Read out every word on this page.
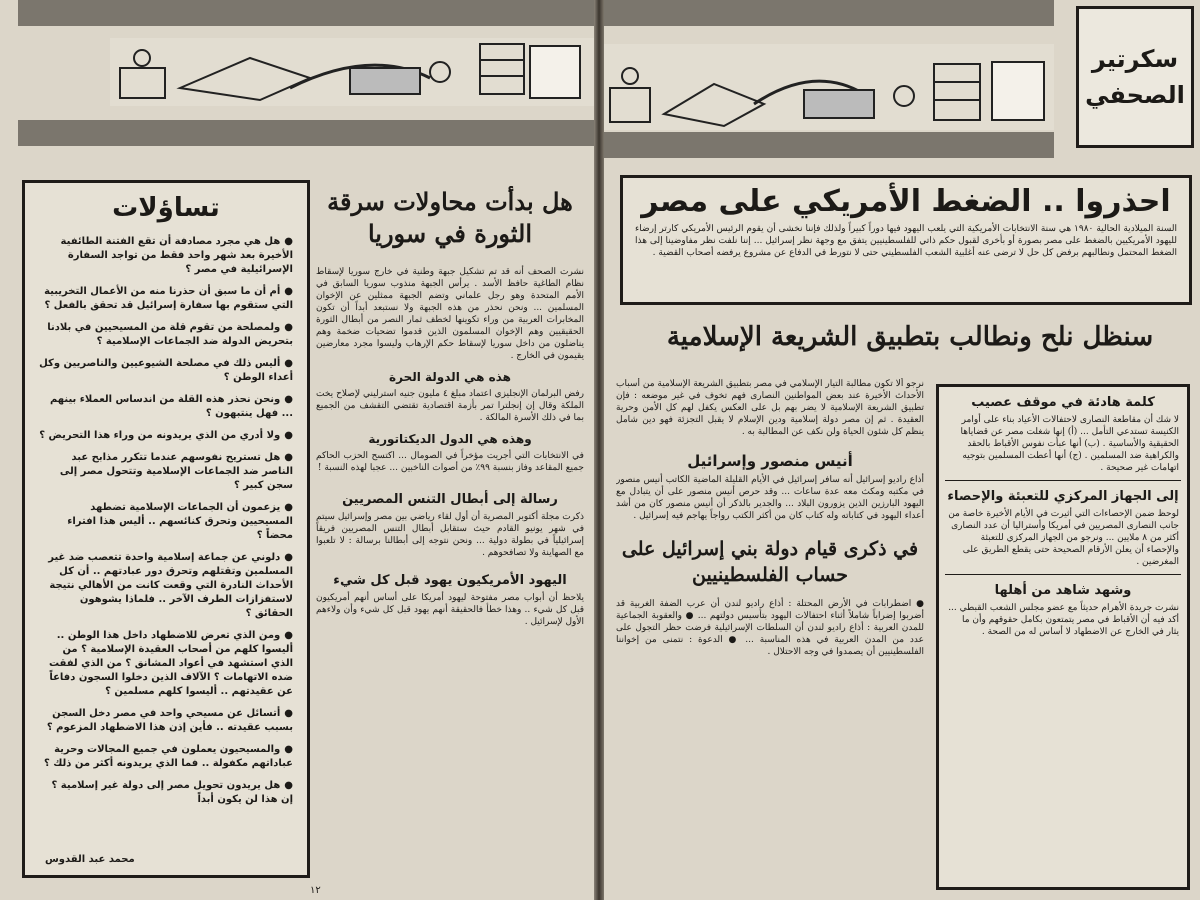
تساؤلات
●هل هي مجرد مصادفة أن تقع الفتنة الطائفية الأخيرة بعد شهر واحد فقط من تواجد السفارة الإسرائيلية في مصر ؟
●أم أن ما سبق أن حذرنا منه من الأعمال التخريبية التي ستقوم بها سفارة إسرائيل قد تحقق بالفعل ؟
●ولمصلحة من تقوم قلة من المسيحيين في بلادنا بتحريض الدولة ضد الجماعات الإسلامية ؟
●أليس ذلك في مصلحة الشيوعيين والناصريين وكل أعداء الوطن ؟
●ونحن نحذر هذه القلة من اندساس العملاء بينهم ... فهل ينتبهون ؟
●ولا أدري من الذي يريدونه من وراء هذا التحريض ؟
●هل تستريح نفوسهم عندما تتكرر مذابح عبد الناصر ضد الجماعات الإسلامية وتتحول مصر إلى سجن كبير ؟
●يزعمون أن الجماعات الإسلامية تضطهد المسيحيين وتحرق كنائسهم .. أليس هذا افتراء محضاً ؟
●دلوني عن جماعة إسلامية واحدة تتعصب ضد غير المسلمين وتقتلهم وتحرق دور عبادتهم .. أن كل الأحداث النادرة التي وقعت كانت من الأهالي نتيجة لاستفزازات الطرف الآخر .. فلماذا يشوهون الحقائق ؟
●ومن الذي تعرض للاضطهاد داخل هذا الوطن .. أليسوا كلهم من أصحاب العقيدة الإسلامية ؟ من الذي استشهد في أعواد المشانق ؟ من الذي لفقت ضده الاتهامات ؟ الآلاف الذين دخلوا السجون دفاعاً عن عقيدتهم .. أليسوا كلهم مسلمين ؟
●أتسائل عن مسيحي واحد في مصر دخل السجن بسبب عقيدته .. فأين إذن هذا الاضطهاد المزعوم ؟
●والمسيحيون يعملون في جميع المجالات وحرية عباداتهم مكفولة .. فما الذي يريدونه أكثر من ذلك ؟
●هل يريدون تحويل مصر إلى دولة غير إسلامية ؟ إن هذا لن يكون أبداً
محمد عبد القدوس
هل بدأت محاولات سرقة الثورة في سوريا

نشرت الصحف أنه قد تم تشكيل جبهة وطنية في خارج سوريا لإسقاط نظام الطاغية حافظ الأسد . يرأس الجبهة منذوب سوريا السابق في الأمم المتحدة وهو رجل علماني وتضم الجبهة ممثلين عن الإخوان المسلمين ... ونحن نحذر من هذه الجبهة ولا نستبعد أبداً أن تكون المخابرات العربية من وراء تكوينها لخطف ثمار النصر من أبطال الثورة الحقيقيين وهم الإخوان المسلمون الذين قدموا تضحيات ضخمة وهم يناضلون من داخل سوريا لإسقاط حكم الإرهاب وليسوا مجرد معارضين يقيمون في الخارج .

هذه هي الدولة الحرة

رفض البرلمان الإنجليزي اعتماد مبلغ ٤ مليون جنيه استرليني لإصلاح يخت الملكة وقال إن إنجلترا تمر بأزمة اقتصادية تقتضي التقشف من الجميع بما في ذلك الأسرة المالكة .

وهذه هي الدول الديكتاتورية

في الانتخابات التي أجريت مؤخراً في الصومال ... اكتسح الحزب الحاكم جميع المقاعد وفاز بنسبة ٩٩٪ من أصوات الناخبين ... عجبا لهذه النسبة !

رسالة إلى أبطال التنس المصريين

ذكرت مجلة أكتوبر المصرية أن أول لقاء رياضي بين مصر وإسرائيل سيتم في شهر يونيو القادم حيث ستقابل أبطال التنس المصريين فريقاً إسرائيلياً في بطولة دولية ... ونحن نتوجه إلى أبطالنا برسالة : لا تلعبوا مع الصهاينة ولا تصافحوهم .

اليهود الأمريكيون يهود قبل كل شيء

يلاحظ أن أبواب مصر مفتوحة ليهود أمريكا على أساس أنهم أمريكيون قبل كل شيء .. وهذا خطأ فالحقيقة أنهم يهود قبل كل شيء وأن ولاءهم الأول لإسرائيل .

١٢
سكرتير
الصحفي
احذروا .. الضغط الأمريكي على مصر

السنة الميلادية الحالية ١٩٨٠ هي سنة الانتخابات الأمريكية التي يلعب اليهود فيها دوراً كبيراً ولذلك فإننا نخشى أن يقوم الرئيس الأمريكي كارتر إرضاء لليهود الأمريكيين بالضغط على مصر بصورة أو بأخرى لقبول حكم ذاتي للفلسطينيين يتفق مع وجهة نظر إسرائيل ... إننا نلفت نظر مفاوضينا إلى هذا الضغط المحتمل ونطالبهم برفض كل حل لا ترضى عنه أغلبية الشعب الفلسطيني حتى لا نتورط في الدفاع عن مشروع يرفضه أصحاب القضية .

سنظل نلح ونطالب بتطبيق الشريعة الإسلامية

نرجو ألا تكون مطالبة التيار الإسلامي في مصر بتطبيق الشريعة الإسلامية من أسباب الأحداث الأخيرة عند بعض المواطنين النصارى فهم تخوف في غير موضعه : فإن تطبيق الشريعة الإسلامية لا يضر بهم بل على العكس يكفل لهم كل الأمن وحرية العقيدة . ثم إن مصر دولة إسلامية ودين الإسلام لا يقبل التجزئة فهو دين شامل ينظم كل شئون الحياة ولن نكف عن المطالبة به .

أنيس منصور وإسرائيل

أذاع راديو إسرائيل أنه سافر إسرائيل في الأيام القليلة الماضية الكاتب أنيس منصور في مكتبه ومكث معه عدة ساعات ... وقد حرص أنيس منصور على أن يتبادل مع اليهود البارزين الذين يزورون البلاد ... والجدير بالذكر أن أنيس منصور كان من أشد أعداء اليهود في كتاباته وله كتاب كان من أكثر الكتب رواجاً يهاجم فيه إسرائيل .

في ذكرى قيام دولة بني إسرائيل على حساب الفلسطينيين

● اضطرابات في الأرض المحتلة : أذاع راديو لندن أن عرب الضفة الغربية قد أضربوا إضراباً شاملاً أثناء احتفالات اليهود بتأسيس دولتهم ... ● والعقوبة الجماعية للمدن العربية : أذاع راديو لندن أن السلطات الإسرائيلية فرضت حظر التجول على عدد من المدن العربية في هذه المناسبة ... ● الدعوة : نتمنى من إخواننا الفلسطينيين أن يصمدوا في وجه الاحتلال .

كلمة هادئة في موقف عصيب

لا شك أن مقاطعة النصارى لاحتفالات الأعياد بناء على أوامر الكنيسة تستدعي التأمل ... (أ) إنها شغلت مصر عن قضاياها الحقيقية والأساسية . (ب) أنها عبأت نفوس الأقباط بالحقد والكراهية ضد المسلمين . (ج) أنها أعطت المسلمين بتوجيه اتهامات غير صحيحة .

إلى الجهاز المركزي للتعبئة والإحصاء

لوحظ ضمن الإحصاءات التي أثيرت في الأيام الأخيرة خاصة من جانب النصارى المصريين في أمريكا وأستراليا أن عدد النصارى أكثر من ٨ ملايين ... ونرجو من الجهاز المركزي للتعبئة والإحصاء أن يعلن الأرقام الصحيحة حتى يقطع الطريق على المغرضين .

وشهد شاهد من أهلها

نشرت جريدة الأهرام حديثاً مع عضو مجلس الشعب القبطي ... أكد فيه أن الأقباط في مصر يتمتعون بكامل حقوقهم وأن ما يثار في الخارج عن الاضطهاد لا أساس له من الصحة .
